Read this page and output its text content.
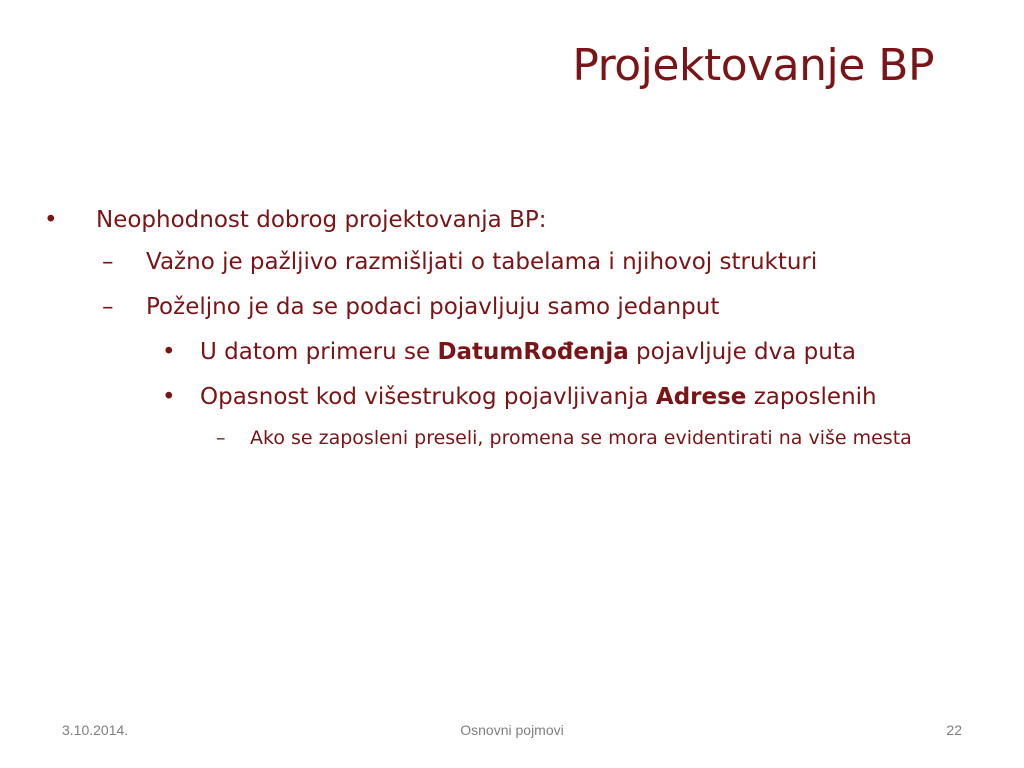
Projektovanje BP
• Neophodnost dobrog projektovanja BP:
– Važno je pažljivo razmišljati o tabelama i njihovoj strukturi
– Poželjno je da se podaci pojavljuju samo jedanput
• U datom primeru se DatumRođenja pojavljuje dva puta
• Opasnost kod višestrukog pojavljivanja Adrese zaposlenih
– Ako se zaposleni preseli, promena se mora evidentirati na više mesta
3.10.2014.	Osnovni pojmovi	22
